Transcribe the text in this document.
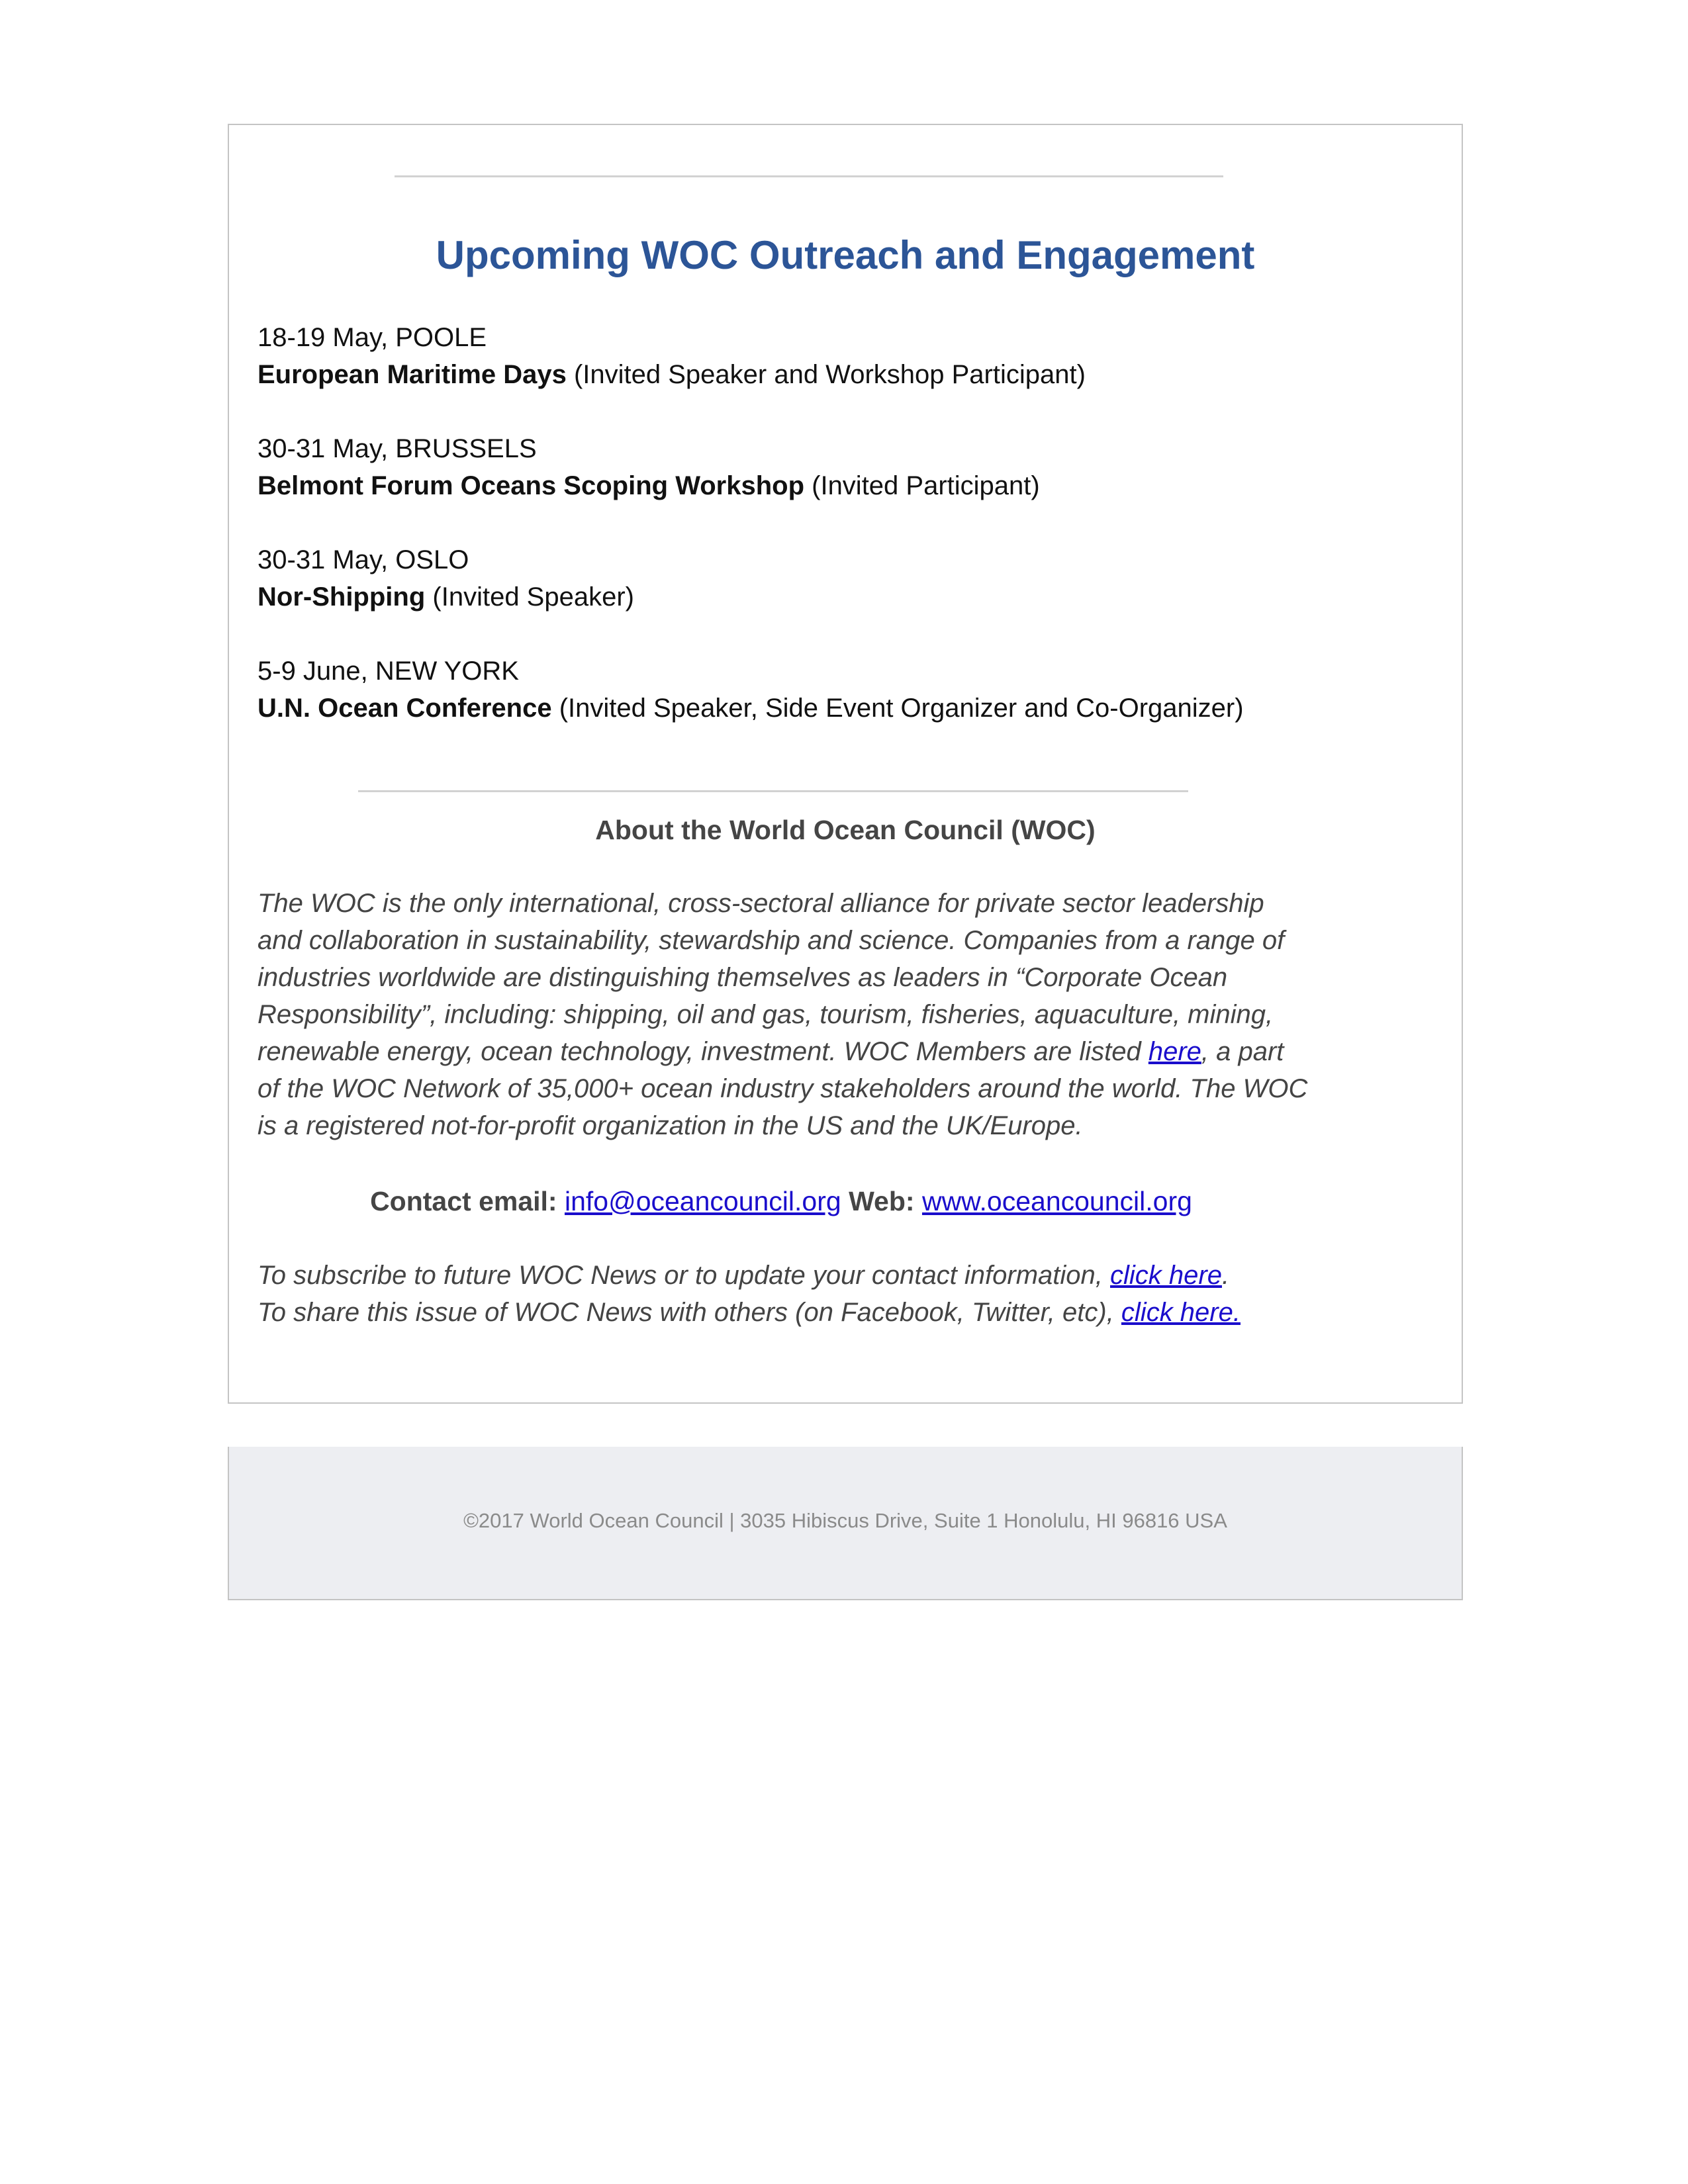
Upcoming WOC Outreach and Engagement
18-19 May, POOLE
European Maritime Days (Invited Speaker and Workshop Participant)
30-31 May, BRUSSELS
Belmont Forum Oceans Scoping Workshop (Invited Participant)
30-31 May, OSLO
Nor-Shipping (Invited Speaker)
5-9 June, NEW YORK
U.N. Ocean Conference (Invited Speaker, Side Event Organizer and Co-Organizer)
About the World Ocean Council (WOC)

The WOC is the only international, cross-sectoral alliance for private sector leadership
and collaboration in sustainability, stewardship and science. Companies from a range of
industries worldwide are distinguishing themselves as leaders in “Corporate Ocean
Responsibility”, including: shipping, oil and gas, tourism, fisheries, aquaculture, mining,
renewable energy, ocean technology, investment. WOC Members are listed here, a part
of the WOC Network of 35,000+ ocean industry stakeholders around the world. The WOC
is a registered not-for-profit organization in the US and the UK/Europe.

Contact email: info@oceancouncil.org Web: www.oceancouncil.org
To subscribe to future WOC News or to update your contact information, click here.
To share this issue of WOC News with others (on Facebook, Twitter, etc), click here.

©2017 World Ocean Council | 3035 Hibiscus Drive, Suite 1 Honolulu, HI 96816 USA
